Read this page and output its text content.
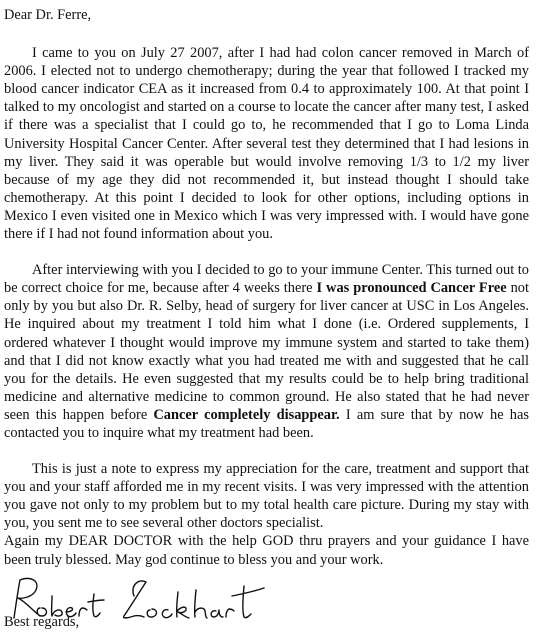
Dear Dr. Ferre,

I came to you on July 27 2007, after I had had colon cancer removed in March of 2006. I elected not to undergo chemotherapy; during the year that followed I tracked my blood cancer indicator CEA as it increased from 0.4 to approximately 100. At that point I talked to my oncologist and started on a course to locate the cancer after many test, I asked if there was a specialist that I could go to, he recommended that I go to Loma Linda University Hospital Cancer Center. After several test they determined that I had lesions in my liver. They said it was operable but would involve removing 1/3 to 1/2 my liver because of my age they did not recommended it, but instead thought I should take chemotherapy. At this point I decided to look for other options, including options in Mexico I even visited one in Mexico which I was very impressed with. I would have gone there if I had not found information about you.

After interviewing with you I decided to go to your immune Center. This turned out to be correct choice for me, because after 4 weeks there I was pronounced Cancer Free not only by you but also Dr. R. Selby, head of surgery for liver cancer at USC in Los Angeles. He inquired about my treatment I told him what I done (i.e. Ordered supplements, I ordered whatever I thought would improve my immune system and started to take them) and that I did not know exactly what you had treated me with and suggested that he call you for the details. He even suggested that my results could be to help bring traditional medicine and alternative medicine to common ground. He also stated that he had never seen this happen before Cancer completely disappear. I am sure that by now he has contacted you to inquire what my treatment had been.

This is just a note to express my appreciation for the care, treatment and support that you and your staff afforded me in my recent visits. I was very impressed with the attention you gave not only to my problem but to my total health care picture. During my stay with you, you sent me to see several other doctors specialist.

Again my DEAR DOCTOR with the help GOD thru prayers and your guidance I have been truly blessed. May god continue to bless you and your work.

Best regards,
